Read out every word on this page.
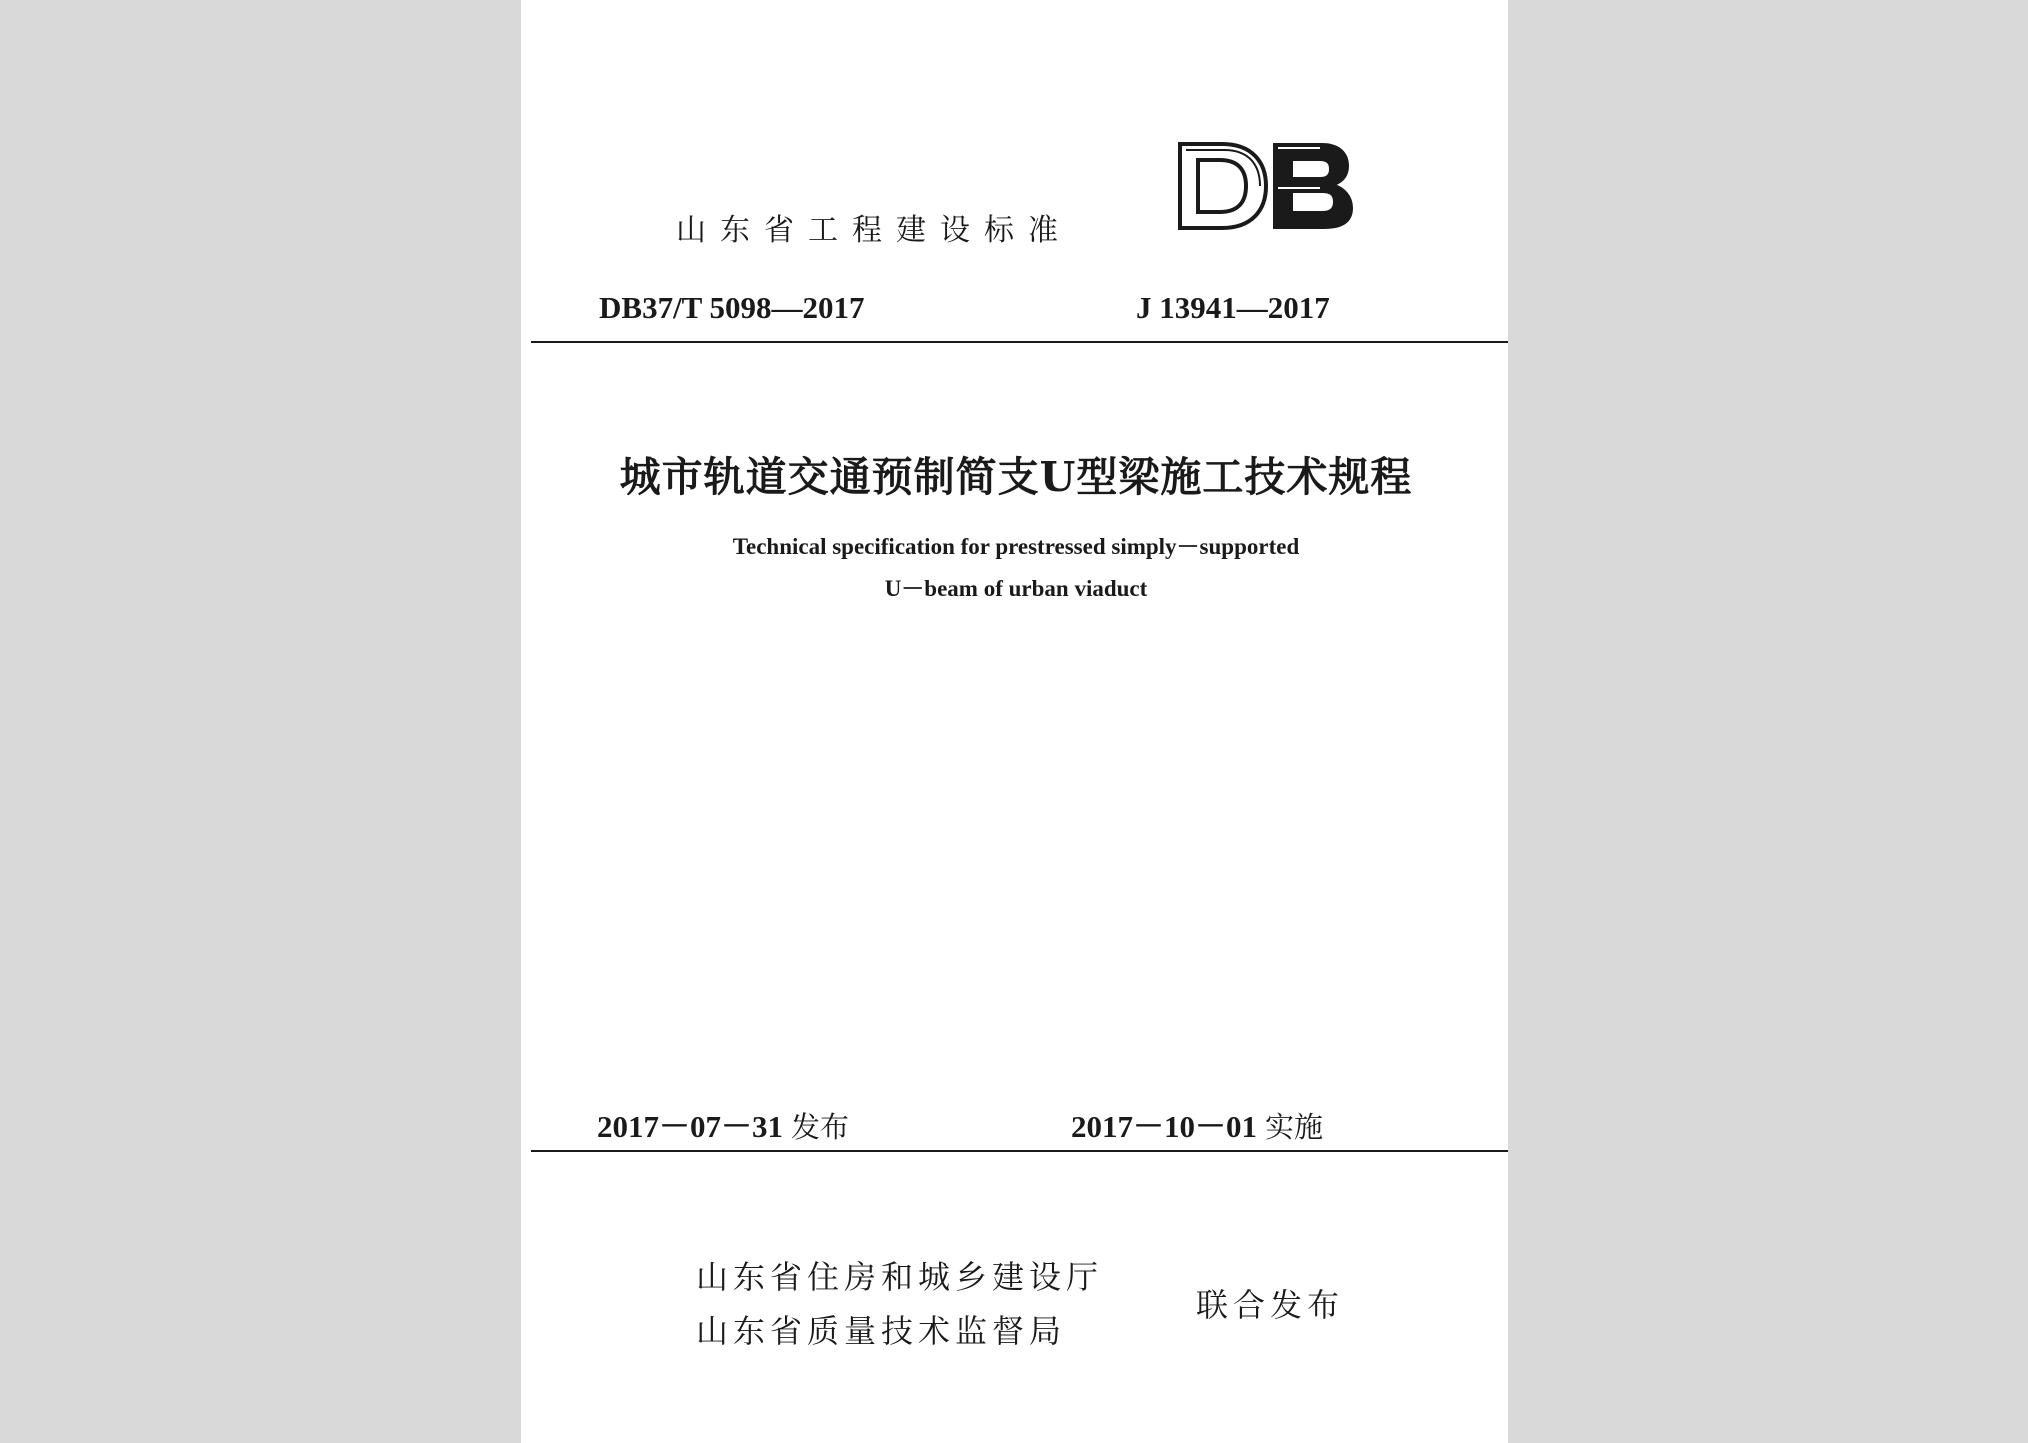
山东省工程建设标准
DB37/T 5098—2017	J 13941—2017
城市轨道交通预制简支U型梁施工技术规程
Technical specification for prestressed simply－supported
U－beam of urban viaduct
2017－07－31 发布	2017－10－01 实施
山东省住房和城乡建设厅
山东省质量技术监督局
联合发布
